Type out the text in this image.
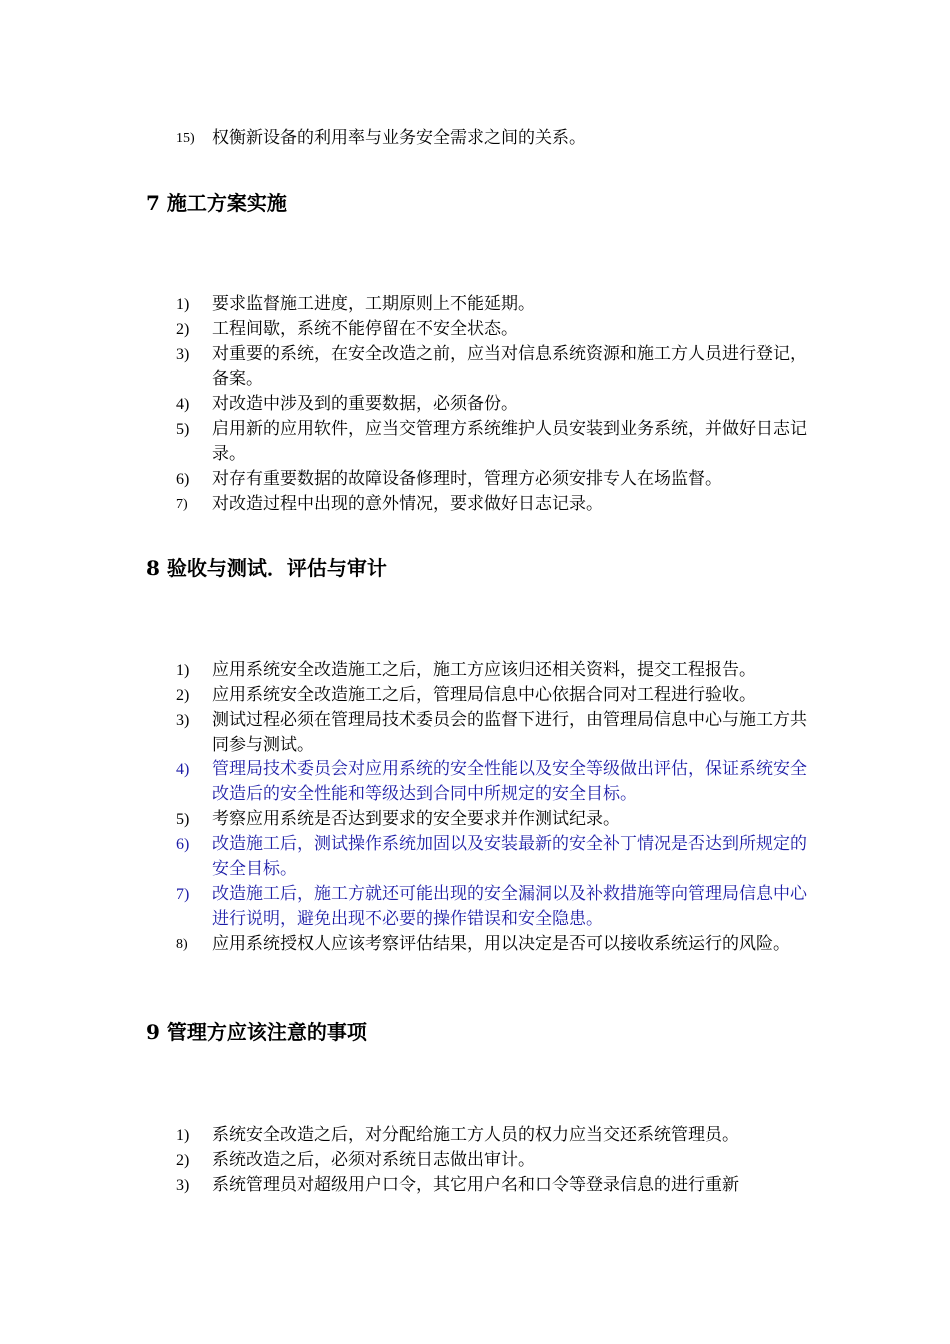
15)	权衡新设备的利用率与业务安全需求之间的关系。
7 施工方案实施
1)	要求监督施工进度，工期原则上不能延期。
2)	工程间歇，系统不能停留在不安全状态。
3)	对重要的系统，在安全改造之前，应当对信息系统资源和施工方人员进行登记，备案。
4)	对改造中涉及到的重要数据，必须备份。
5)	启用新的应用软件，应当交管理方系统维护人员安装到业务系统，并做好日志记录。
6)	对存有重要数据的故障设备修理时，管理方必须安排专人在场监督。
7)	对改造过程中出现的意外情况，要求做好日志记录。
8 验收与测试．评估与审计
1)	应用系统安全改造施工之后，施工方应该归还相关资料，提交工程报告。
2)	应用系统安全改造施工之后，管理局信息中心依据合同对工程进行验收。
3)	测试过程必须在管理局技术委员会的监督下进行，由管理局信息中心与施工方共同参与测试。
4)	管理局技术委员会对应用系统的安全性能以及安全等级做出评估，保证系统安全改造后的安全性能和等级达到合同中所规定的安全目标。
5)	考察应用系统是否达到要求的安全要求并作测试纪录。
6)	改造施工后，测试操作系统加固以及安装最新的安全补丁情况是否达到所规定的安全目标。
7)	改造施工后，施工方就还可能出现的安全漏洞以及补救措施等向管理局信息中心进行说明，避免出现不必要的操作错误和安全隐患。
8)	应用系统授权人应该考察评估结果，用以决定是否可以接收系统运行的风险。
9 管理方应该注意的事项
1)	系统安全改造之后，对分配给施工方人员的权力应当交还系统管理员。
2)	系统改造之后，必须对系统日志做出审计。
3)	系统管理员对超级用户口令，其它用户名和口令等登录信息的进行重新
